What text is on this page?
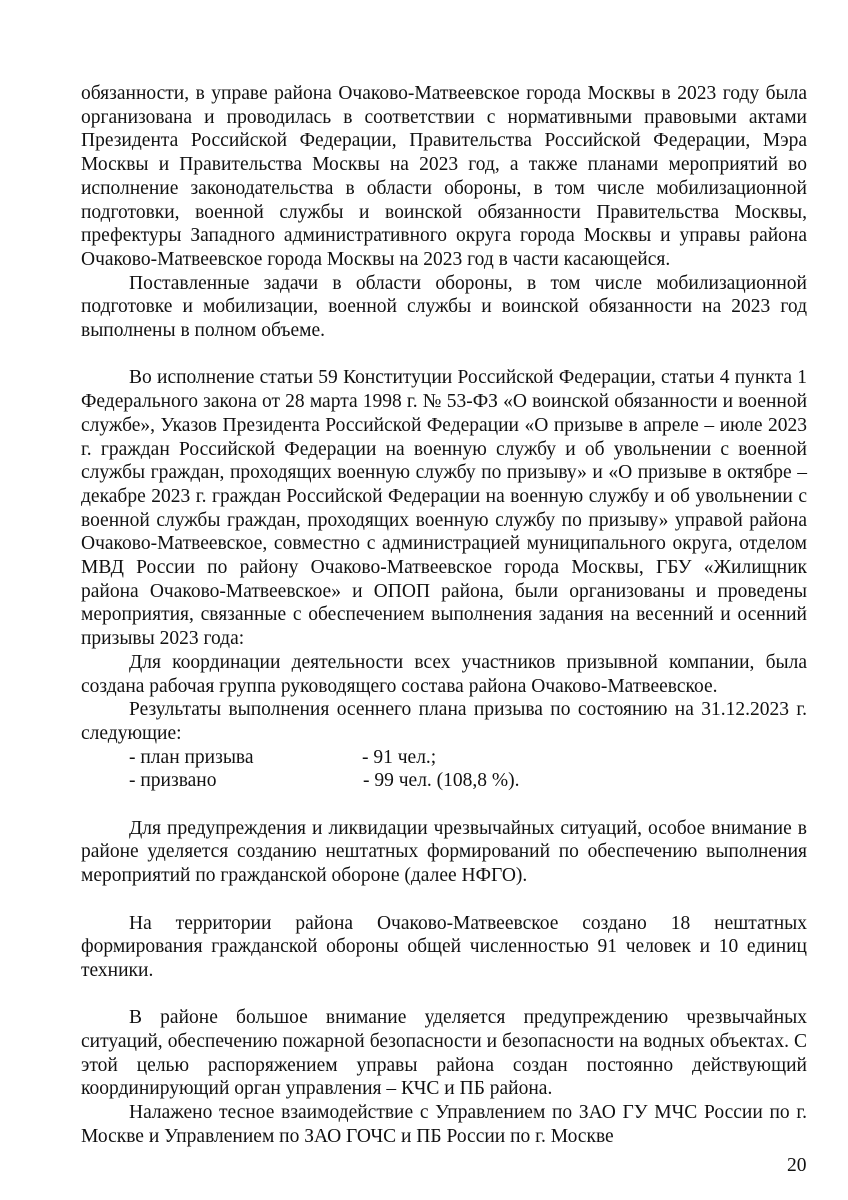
обязанности, в управе района Очаково-Матвеевское города Москвы в 2023 году была организована и проводилась в соответствии с нормативными правовыми актами Президента Российской Федерации, Правительства Российской Федерации, Мэра Москвы и Правительства Москвы на 2023 год, а также планами мероприятий во исполнение законодательства в области обороны, в том числе мобилизационной подготовки, военной службы и воинской обязанности Правительства Москвы, префектуры Западного административного округа города Москвы и управы района Очаково-Матвеевское города Москвы на 2023 год в части касающейся.

Поставленные задачи в области обороны, в том числе мобилизационной подготовке и мобилизации, военной службы и воинской обязанности на 2023 год выполнены в полном объеме.

Во исполнение статьи 59 Конституции Российской Федерации, статьи 4 пункта 1 Федерального закона от 28 марта 1998 г. № 53-ФЗ «О воинской обязанности и военной службе», Указов Президента Российской Федерации «О призыве в апреле – июле 2023 г. граждан Российской Федерации на военную службу и об увольнении с военной службы граждан, проходящих военную службу по призыву» и «О призыве в октябре – декабре 2023 г. граждан Российской Федерации на военную службу и об увольнении с военной службы граждан, проходящих военную службу по призыву» управой района Очаково-Матвеевское, совместно с администрацией муниципального округа, отделом МВД России по району Очаково-Матвеевское города Москвы, ГБУ «Жилищник района Очаково-Матвеевское» и ОПОП района, были организованы и проведены мероприятия, связанные с обеспечением выполнения задания на весенний и осенний призывы 2023 года:

Для координации деятельности всех участников призывной компании, была создана рабочая группа руководящего состава района Очаково-Матвеевское.

Результаты выполнения осеннего плана призыва по состоянию на 31.12.2023 г. следующие:

- план призыва	- 91 чел.;
- призвано	- 99 чел. (108,8 %).

Для предупреждения и ликвидации чрезвычайных ситуаций, особое внимание в районе уделяется созданию нештатных формирований по обеспечению выполнения мероприятий по гражданской обороне (далее НФГО).

На территории района Очаково-Матвеевское создано 18 нештатных формирования гражданской обороны общей численностью 91 человек и 10 единиц техники.

В районе большое внимание уделяется предупреждению чрезвычайных ситуаций, обеспечению пожарной безопасности и безопасности на водных объектах. С этой целью распоряжением управы района создан постоянно действующий координирующий орган управления – КЧС и ПБ района.

Налажено тесное взаимодействие с Управлением по ЗАО ГУ МЧС России по г. Москве и Управлением по ЗАО ГОЧС и ПБ России по г. Москве

20
